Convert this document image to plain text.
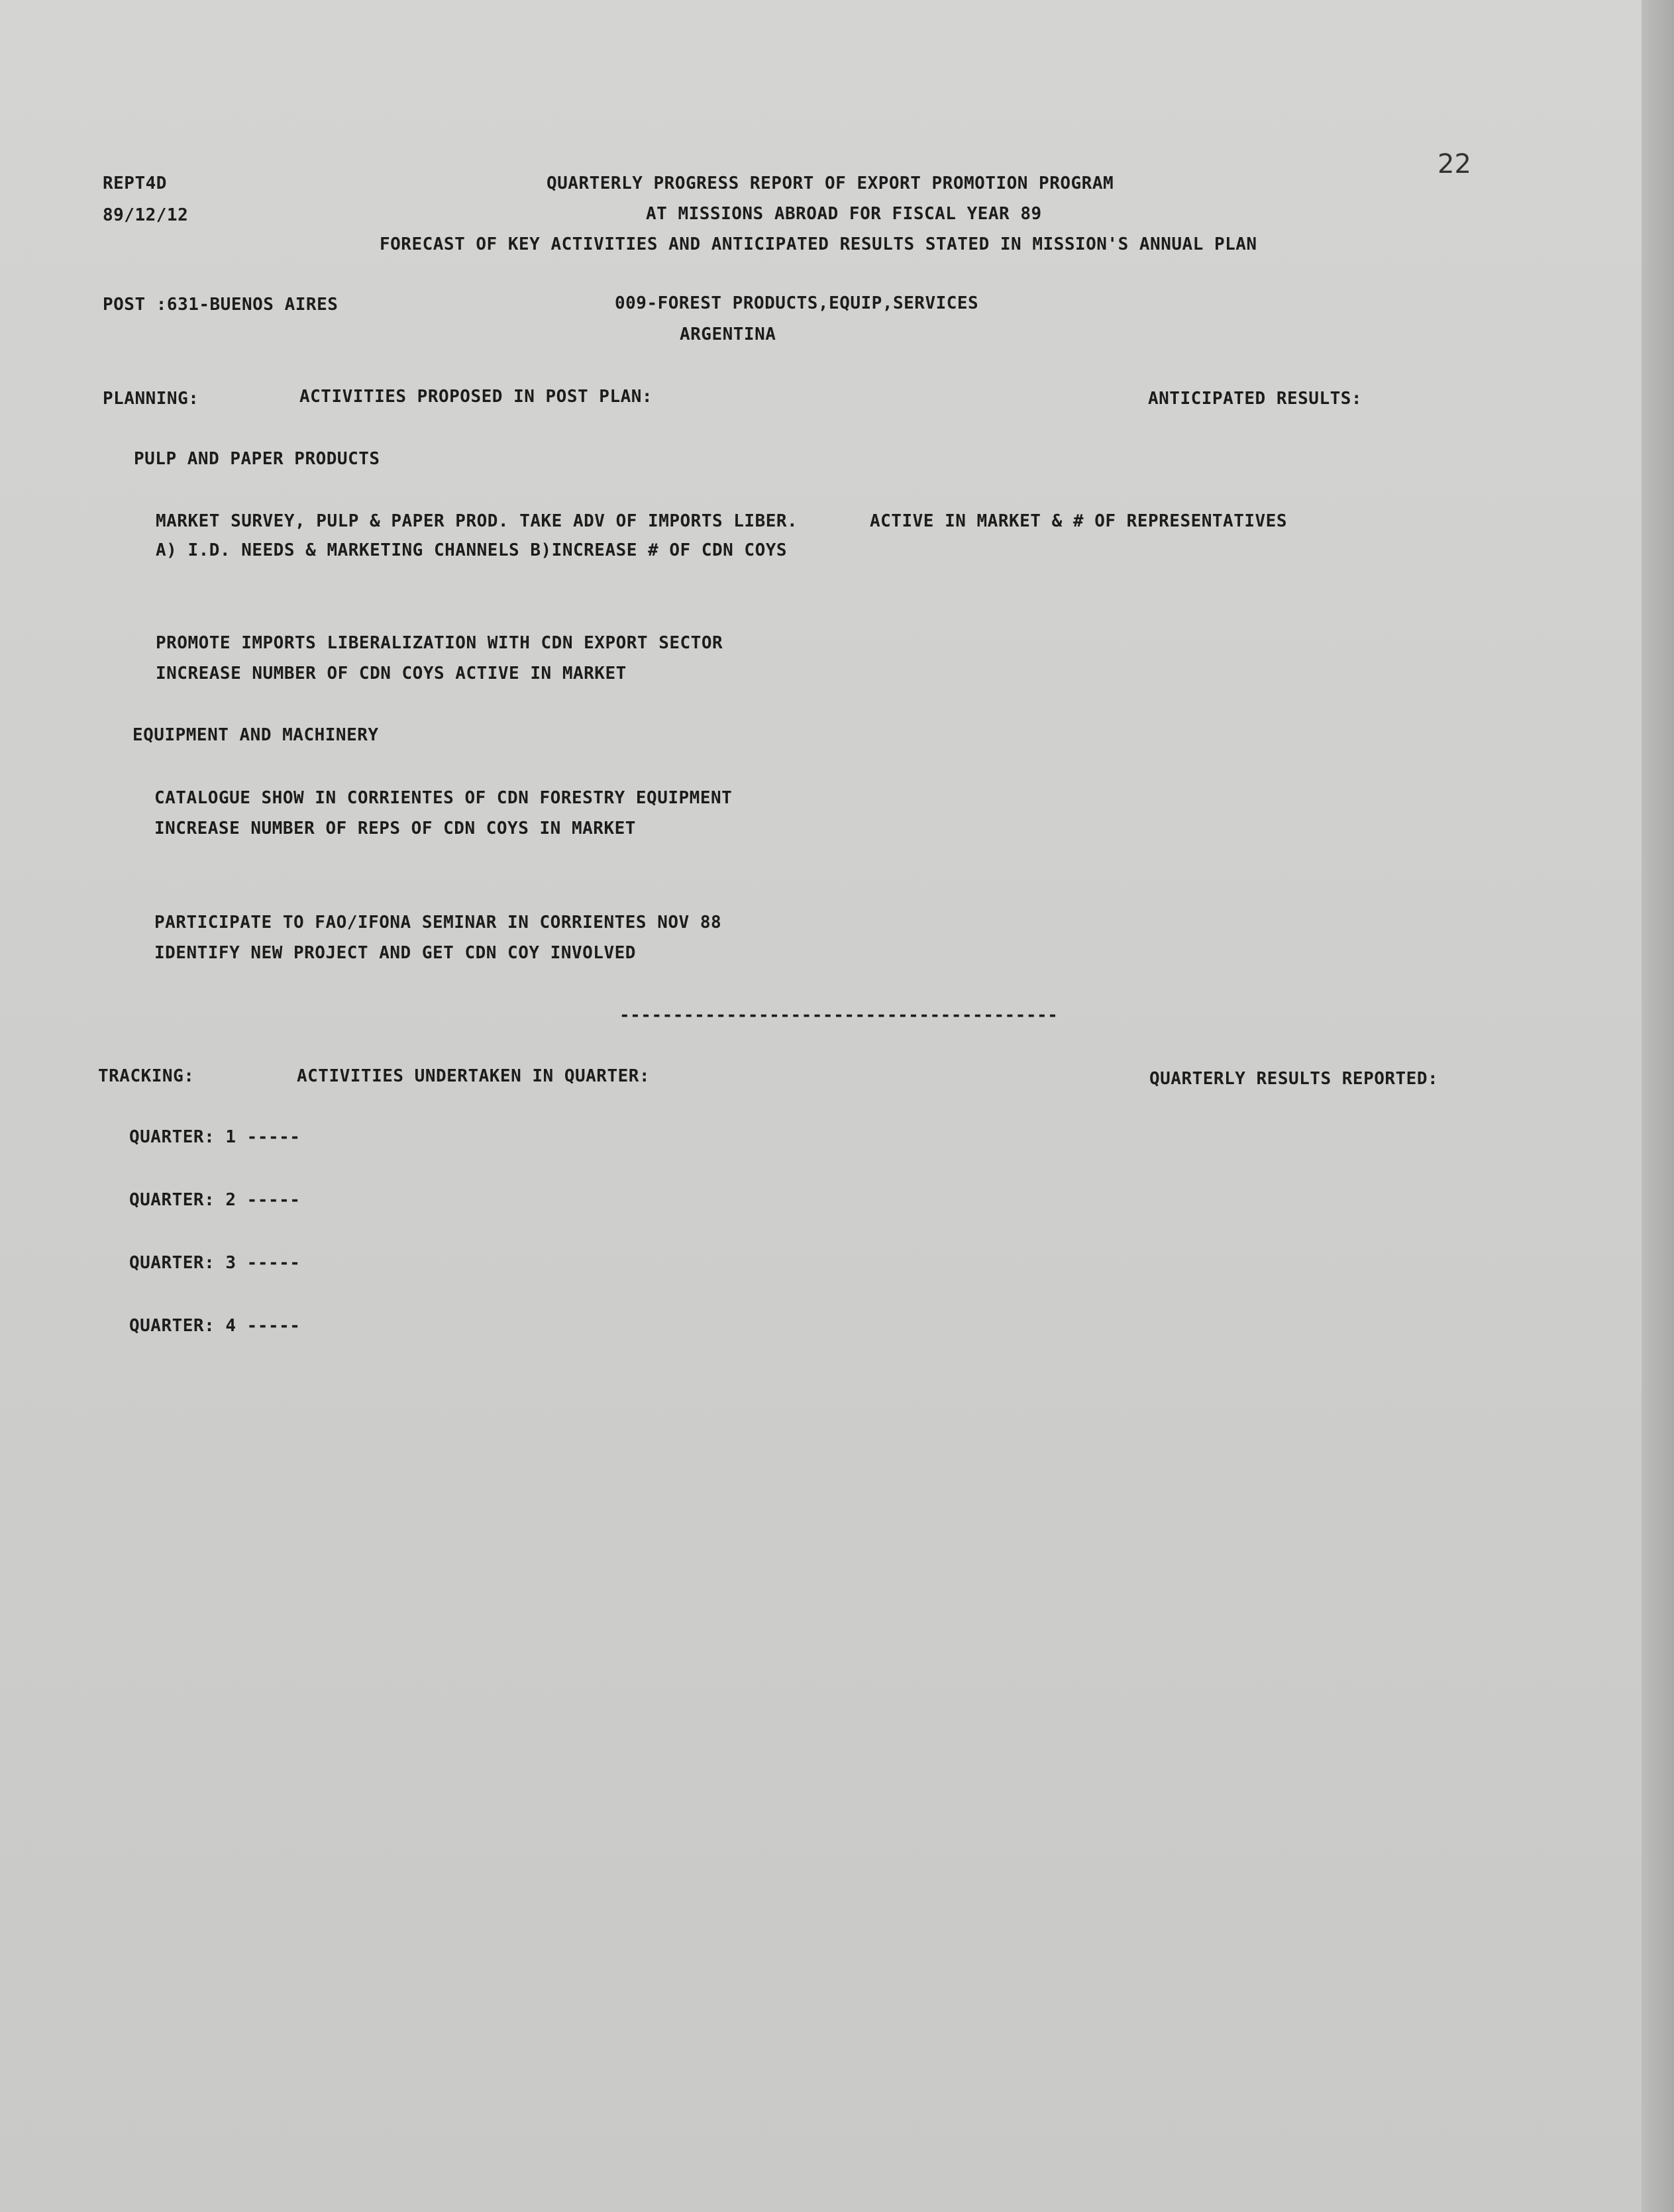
22
REPT4D
89/12/12
QUARTERLY PROGRESS REPORT OF EXPORT PROMOTION PROGRAM
AT MISSIONS ABROAD FOR FISCAL YEAR 89
FORECAST OF KEY ACTIVITIES AND ANTICIPATED RESULTS STATED IN MISSION'S ANNUAL PLAN
POST :631-BUENOS AIRES	009-FOREST PRODUCTS,EQUIP,SERVICES
ARGENTINA
PLANNING:	ACTIVITIES PROPOSED IN POST PLAN:	ANTICIPATED RESULTS:
PULP AND PAPER PRODUCTS
MARKET SURVEY, PULP & PAPER PROD. TAKE ADV OF IMPORTS LIBER.
A) I.D. NEEDS & MARKETING CHANNELS B)INCREASE # OF CDN COYS
ACTIVE IN MARKET & # OF REPRESENTATIVES
PROMOTE IMPORTS LIBERALIZATION WITH CDN EXPORT SECTOR
INCREASE NUMBER OF CDN COYS ACTIVE IN MARKET
EQUIPMENT AND MACHINERY
CATALOGUE SHOW IN CORRIENTES OF CDN FORESTRY EQUIPMENT
INCREASE NUMBER OF REPS OF CDN COYS IN MARKET
PARTICIPATE TO FAO/IFONA SEMINAR IN CORRIENTES NOV 88
IDENTIFY NEW PROJECT AND GET CDN COY INVOLVED
-----------------------------------------
TRACKING:	ACTIVITIES UNDERTAKEN IN QUARTER:	QUARTERLY RESULTS REPORTED:
QUARTER: 1 -----
QUARTER: 2 -----
QUARTER: 3 -----
QUARTER: 4 -----
